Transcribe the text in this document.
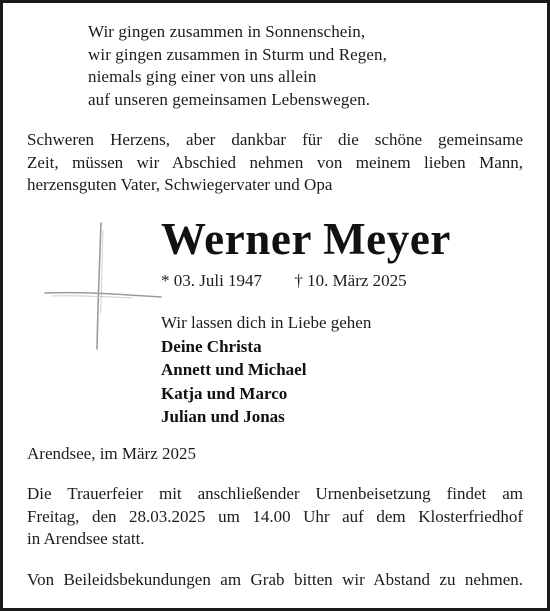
Wir gingen zusammen in Sonnenschein,
wir gingen zusammen in Sturm und Regen,
niemals ging einer von uns allein
auf unseren gemeinsamen Lebenswegen.
Schweren Herzens, aber dankbar für die schöne gemeinsame
Zeit, müssen wir Abschied nehmen von meinem lieben Mann,
herzensguten Vater, Schwiegervater und Opa
Werner Meyer
* 03. Juli 1947 † 10. März 2025
Wir lassen dich in Liebe gehen
Deine Christa
Annett und Michael
Katja und Marco
Julian und Jonas
Arendsee, im März 2025
Die Trauerfeier mit anschließender Urnenbeisetzung findet am
Freitag, den 28.03.2025 um 14.00 Uhr auf dem Klosterfriedhof
in Arendsee statt.
Von Beileidsbekundungen am Grab bitten wir Abstand zu nehmen.
